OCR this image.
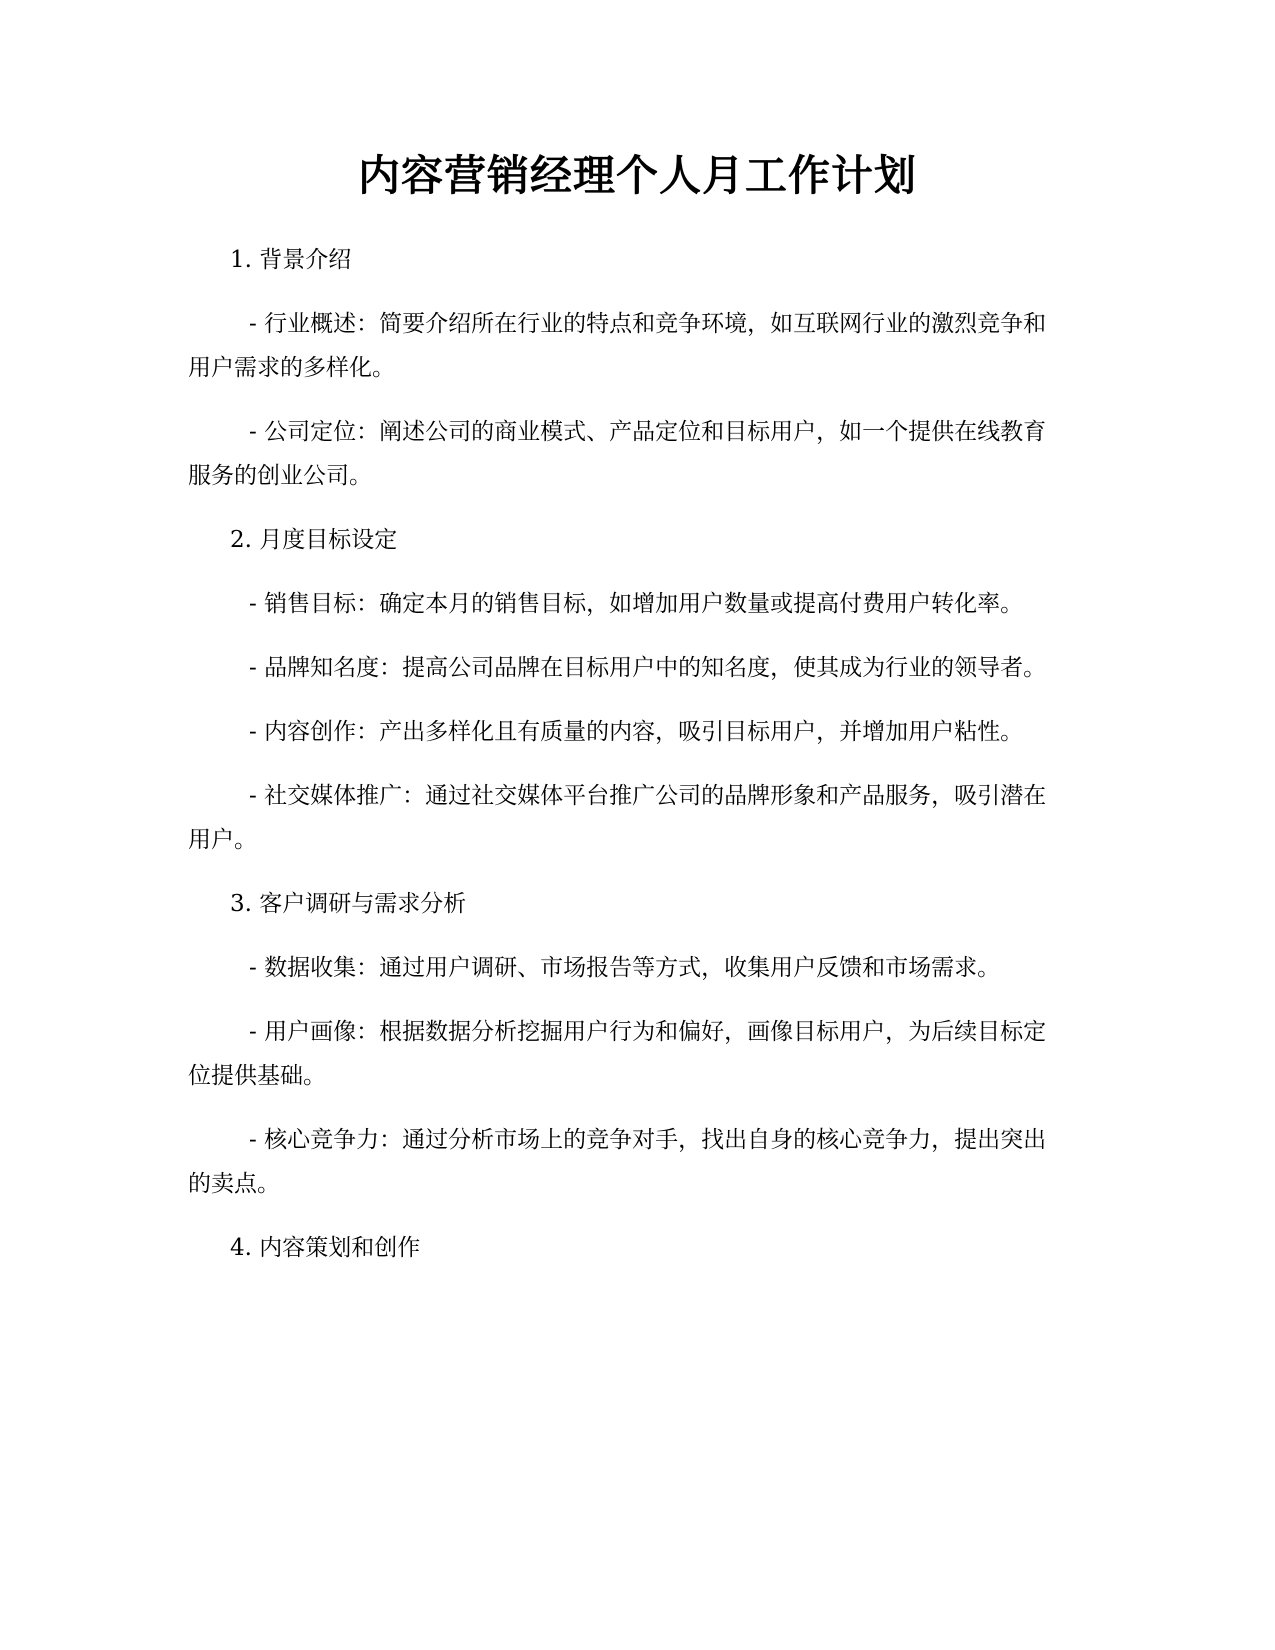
内容营销经理个人月工作计划

1. 背景介绍

- 行业概述：简要介绍所在行业的特点和竞争环境，如互联网行业的激烈竞争和用户需求的多样化。

- 公司定位：阐述公司的商业模式、产品定位和目标用户，如一个提供在线教育服务的创业公司。

2. 月度目标设定

- 销售目标：确定本月的销售目标，如增加用户数量或提高付费用户转化率。

- 品牌知名度：提高公司品牌在目标用户中的知名度，使其成为行业的领导者。

- 内容创作：产出多样化且有质量的内容，吸引目标用户，并增加用户粘性。

- 社交媒体推广：通过社交媒体平台推广公司的品牌形象和产品服务，吸引潜在用户。

3. 客户调研与需求分析

- 数据收集：通过用户调研、市场报告等方式，收集用户反馈和市场需求。

- 用户画像：根据数据分析挖掘用户行为和偏好，画像目标用户，为后续目标定位提供基础。

- 核心竞争力：通过分析市场上的竞争对手，找出自身的核心竞争力，提出突出的卖点。

4. 内容策划和创作
